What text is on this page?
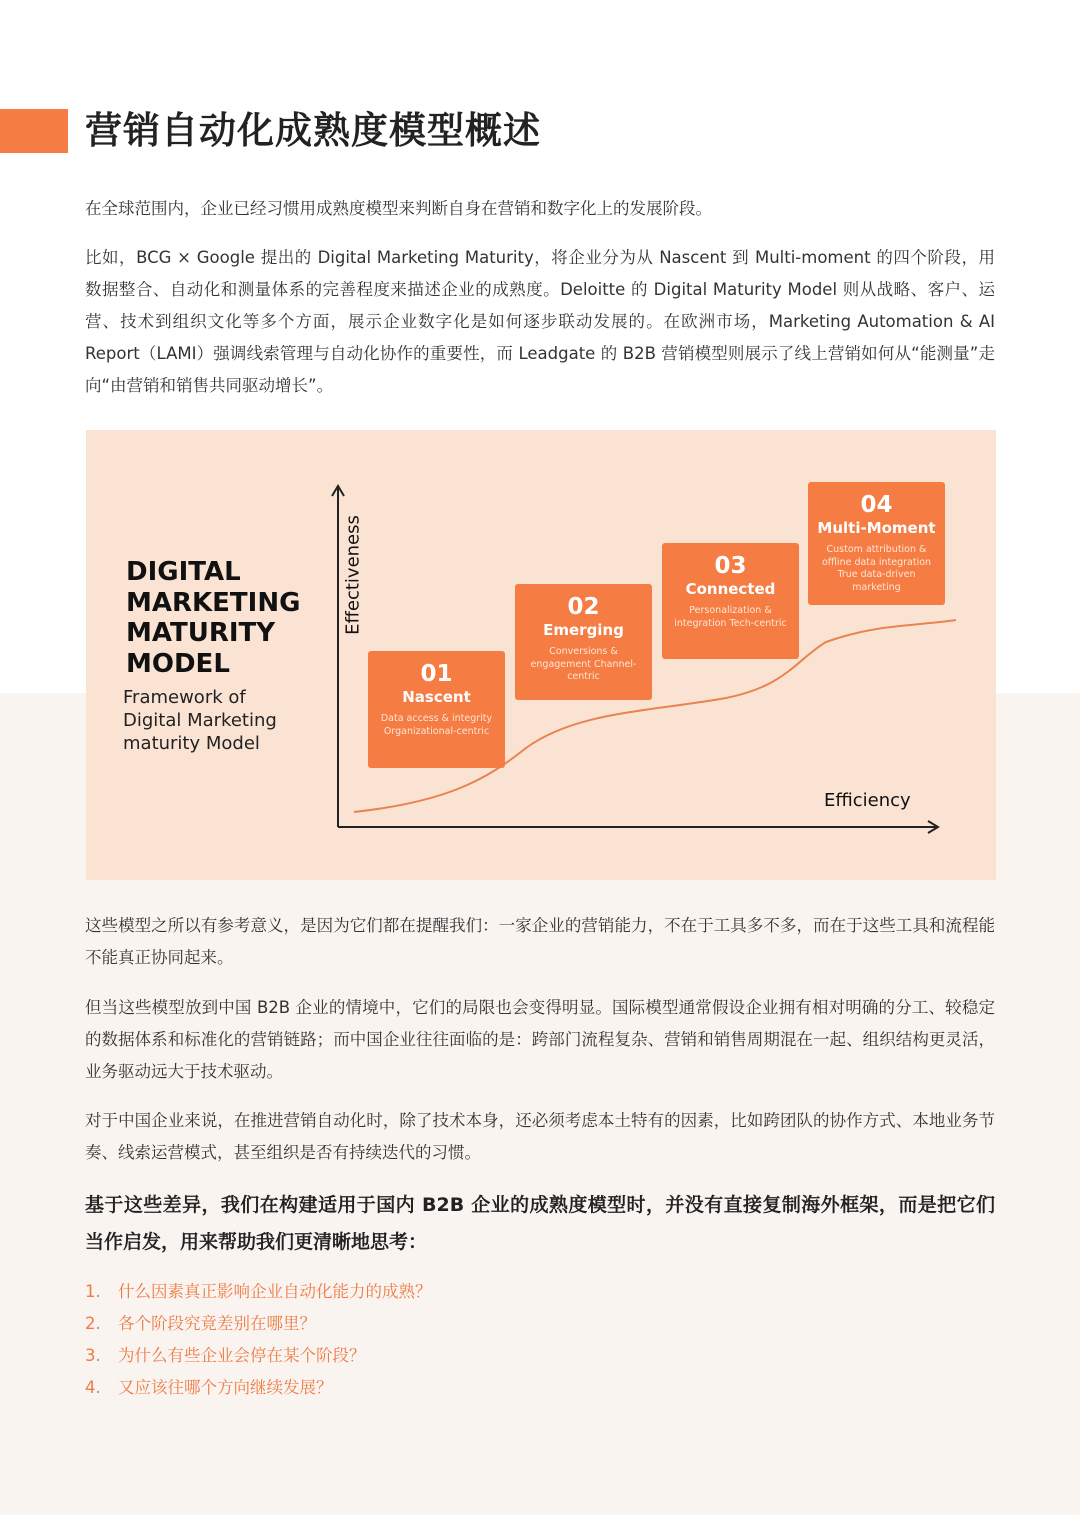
营销自动化成熟度模型概述
在全球范围内，企业已经习惯用成熟度模型来判断自身在营销和数字化上的发展阶段。
比如，BCG × Google 提出的 Digital Marketing Maturity，将企业分为从 Nascent 到 Multi-moment 的四个阶段，用数据整合、自动化和测量体系的完善程度来描述企业的成熟度。Deloitte 的 Digital Maturity Model 则从战略、客户、运营、技术到组织文化等多个方面，展示企业数字化是如何逐步联动发展的。在欧洲市场，Marketing Automation & AI Report（LAMI）强调线索管理与自动化协作的重要性，而 Leadgate 的 B2B 营销模型则展示了线上营销如何从“能测量”走向“由营销和销售共同驱动增长”。
DIGITAL
MARKETING
MATURITY
MODEL
Framework of
Digital Marketing
maturity Model
Effectiveness
Efficiency
01
Nascent
Data access & integrity Organizational-centric
02
Emerging
Conversions & engagement Channel-centric
03
Connected
Personalization & integration Tech-centric
04
Multi-Moment
Custom attribution & offline data integration True data-driven marketing
这些模型之所以有参考意义，是因为它们都在提醒我们：一家企业的营销能力，不在于工具多不多，而在于这些工具和流程能不能真正协同起来。
但当这些模型放到中国 B2B 企业的情境中，它们的局限也会变得明显。国际模型通常假设企业拥有相对明确的分工、较稳定的数据体系和标准化的营销链路；而中国企业往往面临的是：跨部门流程复杂、营销和销售周期混在一起、组织结构更灵活，业务驱动远大于技术驱动。
对于中国企业来说，在推进营销自动化时，除了技术本身，还必须考虑本土特有的因素，比如跨团队的协作方式、本地业务节奏、线索运营模式，甚至组织是否有持续迭代的习惯。
基于这些差异，我们在构建适用于国内 B2B 企业的成熟度模型时，并没有直接复制海外框架，而是把它们当作启发，用来帮助我们更清晰地思考：
1.	什么因素真正影响企业自动化能力的成熟？
2.	各个阶段究竟差别在哪里？
3.	为什么有些企业会停在某个阶段？
4.	又应该往哪个方向继续发展？
